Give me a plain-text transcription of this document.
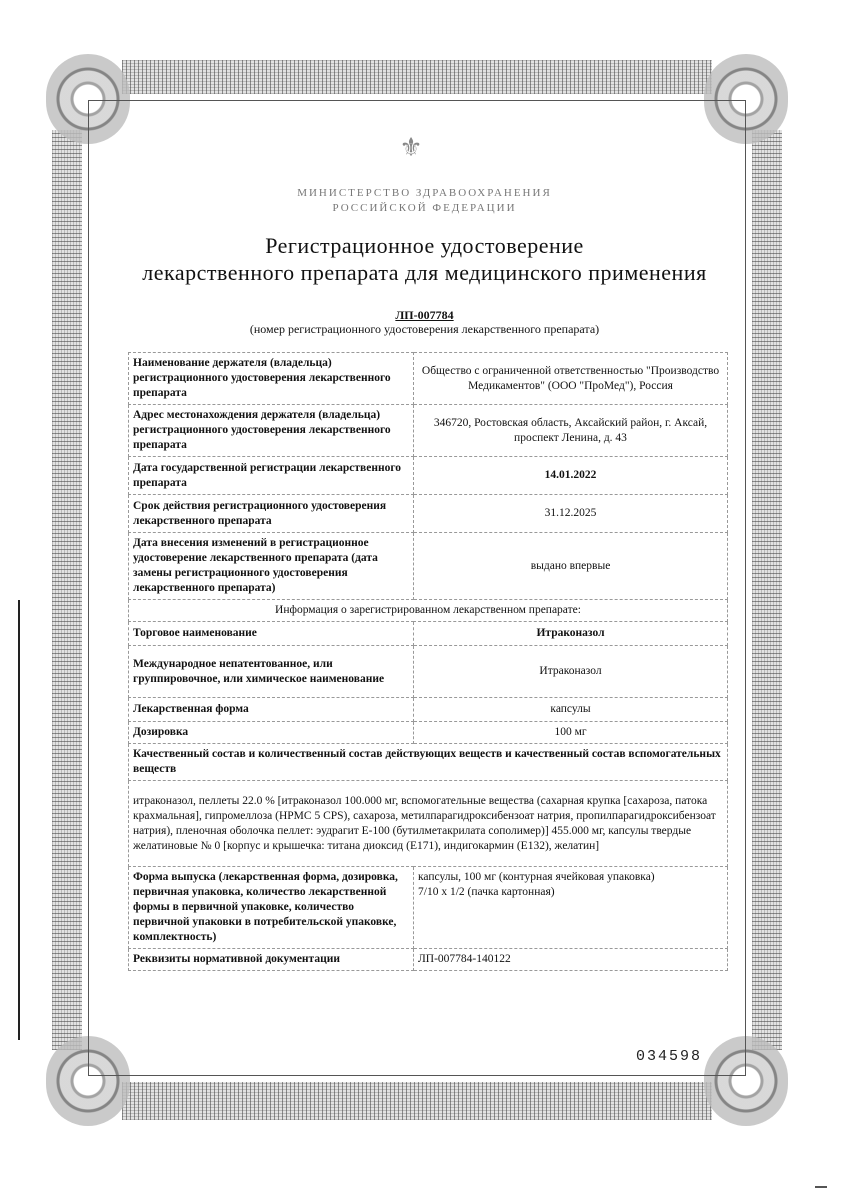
⚜
МИНИСТЕРСТВО ЗДРАВООХРАНЕНИЯ
РОССИЙСКОЙ ФЕДЕРАЦИИ
Регистрационное удостоверение
лекарственного препарата для медицинского применения
ЛП-007784
(номер регистрационного удостоверения лекарственного препарата)
Наименование держателя (владельца) регистрационного удостоверения лекарственного препарата	Общество с ограниченной ответственностью "Производство Медикаментов" (ООО "ПроМед"), Россия
Адрес местонахождения держателя (владельца) регистрационного удостоверения лекарственного препарата	346720, Ростовская область, Аксайский район, г. Аксай, проспект Ленина, д. 43
Дата государственной регистрации лекарственного препарата	14.01.2022
Срок действия регистрационного удостоверения лекарственного препарата	31.12.2025
Дата внесения изменений в регистрационное удостоверение лекарственного препарата (дата замены регистрационного удостоверения лекарственного препарата)	выдано впервые
Информация о зарегистрированном лекарственном препарате:	
Торговое наименование	Итраконазол
Международное непатентованное, или группировочное, или химическое наименование	Итраконазол
Лекарственная форма	капсулы
Дозировка	100 мг
Качественный состав и количественный состав действующих веществ и качественный состав вспомогательных веществ	
итраконазол, пеллеты 22.0 % [итраконазол 100.000 мг, вспомогательные вещества (сахарная крупка [сахароза, патока крахмальная], гипромеллоза (HPMC 5 CPS), сахароза, метилпарагидроксибензоат натрия, пропилпарагидроксибензоат натрия), пленочная оболочка пеллет: эудрагит Е-100 (бутилметакрилата сополимер)] 455.000 мг, капсулы твердые желатиновые № 0 [корпус и крышечка: титана диоксид (Е171), индигокармин (Е132), желатин]	
Форма выпуска (лекарственная форма, дозировка, первичная упаковка, количество лекарственной формы в первичной упаковке, количество первичной упаковки в потребительской упаковке, комплектность)	капсулы, 100 мг (контурная ячейковая упаковка)
7/10 x 1/2 (пачка картонная)

Реквизиты нормативной документации	ЛП-007784-140122
034598
